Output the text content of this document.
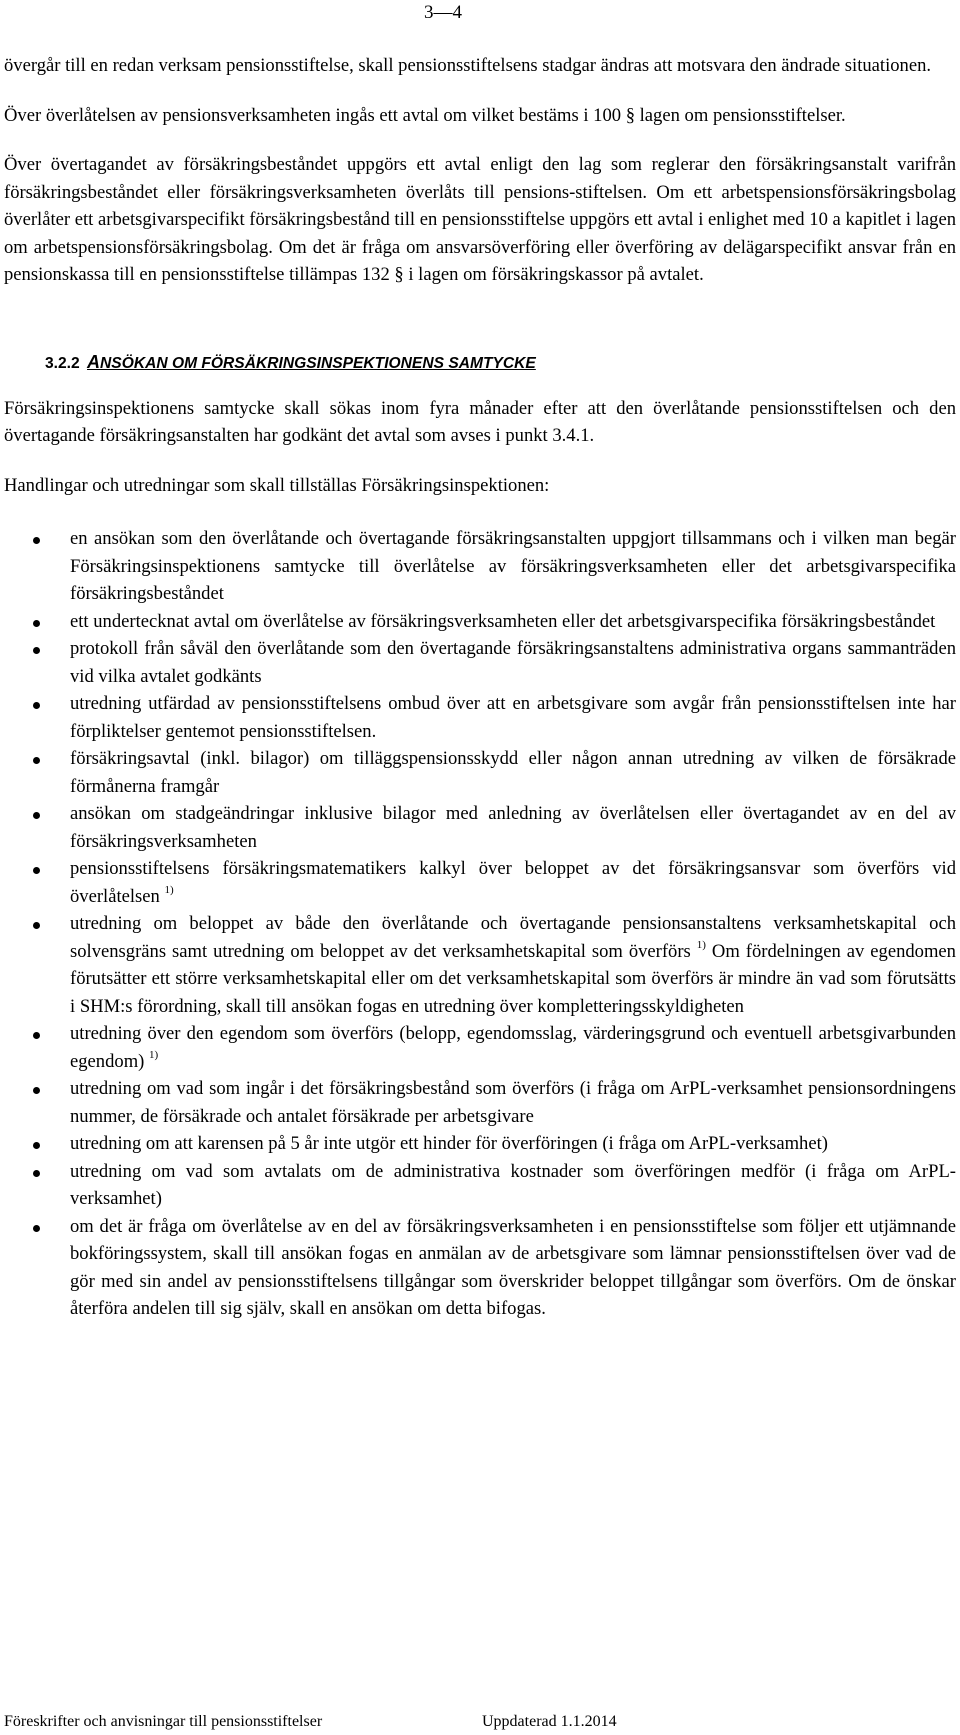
3—4

övergår till en redan verksam pensionsstiftelse, skall pensionsstiftelsens stadgar ändras att motsvara den ändrade situationen.

Över överlåtelsen av pensionsverksamheten ingås ett avtal om vilket bestäms i 100 § lagen om pensionsstiftelser.

Över övertagandet av försäkringsbeståndet uppgörs ett avtal enligt den lag som reglerar den försäkringsanstalt varifrån försäkringsbeståndet eller försäkringsverksamheten överlåts till pensions-stiftelsen. Om ett arbetspensionsförsäkringsbolag överlåter ett arbetsgivarspecifikt försäkringsbestånd till en pensionsstiftelse uppgörs ett avtal i enlighet med 10 a kapitlet i lagen om arbetspensionsförsäkringsbolag. Om det är fråga om ansvarsöverföring eller överföring av delägarspecifikt ansvar från en pensionskassa till en pensionsstiftelse tillämpas 132 § i lagen om försäkringskassor på avtalet.

3.2.2 ANSÖKAN OM FÖRSÄKRINGSINSPEKTIONENS SAMTYCKE

Försäkringsinspektionens samtycke skall sökas inom fyra månader efter att den överlåtande pensionsstiftelsen och den övertagande försäkringsanstalten har godkänt det avtal som avses i punkt 3.4.1.

Handlingar och utredningar som skall tillställas Försäkringsinspektionen:

en ansökan som den överlåtande och övertagande försäkringsanstalten uppgjort tillsammans och i vilken man begär Försäkringsinspektionens samtycke till överlåtelse av försäkringsverksamheten eller det arbetsgivarspecifika försäkringsbeståndet
ett undertecknat avtal om överlåtelse av försäkringsverksamheten eller det arbetsgivarspecifika försäkringsbeståndet
protokoll från såväl den överlåtande som den övertagande försäkringsanstaltens administrativa organs sammanträden vid vilka avtalet godkänts
utredning utfärdad av pensionsstiftelsens ombud över att en arbetsgivare som avgår från pensionsstiftelsen inte har förpliktelser gentemot pensionsstiftelsen.
försäkringsavtal (inkl. bilagor) om tilläggspensionsskydd eller någon annan utredning av vilken de försäkrade förmånerna framgår
ansökan om stadgeändringar inklusive bilagor med anledning av överlåtelsen eller övertagandet av en del av försäkringsverksamheten
pensionsstiftelsens försäkringsmatematikers kalkyl över beloppet av det försäkringsansvar som överförs vid överlåtelsen $^{1)}$
utredning om beloppet av både den överlåtande och övertagande pensionsanstaltens verksamhetskapital och solvensgräns samt utredning om beloppet av det verksamhetskapital som överförs $^{1)}$ Om fördelningen av egendomen förutsätter ett större verksamhetskapital eller om det verksamhetskapital som överförs är mindre än vad som förutsätts i SHM:s förordning, skall till ansökan fogas en utredning över kompletteringsskyldigheten
utredning över den egendom som överförs (belopp, egendomsslag, värderingsgrund och eventuell arbetsgivarbunden egendom) $^{1)}$
utredning om vad som ingår i det försäkringsbestånd som överförs (i fråga om ArPL-verksamhet pensionsordningens nummer, de försäkrade och antalet försäkrade per arbetsgivare
utredning om att karensen på 5 år inte utgör ett hinder för överföringen (i fråga om ArPL-verksamhet)
utredning om vad som avtalats om de administrativa kostnader som överföringen medför (i fråga om ArPL-verksamhet)
om det är fråga om överlåtelse av en del av försäkringsverksamheten i en pensionsstiftelse som följer ett utjämnande bokföringssystem, skall till ansökan fogas en anmälan av de arbetsgivare som lämnar pensionsstiftelsen över vad de gör med sin andel av pensionsstiftelsens tillgångar som överskrider beloppet tillgångar som överförs. Om de önskar återföra andelen till sig själv, skall en ansökan om detta bifogas.
Föreskrifter och anvisningar till pensionsstiftelser	Uppdaterad 1.1.2014
